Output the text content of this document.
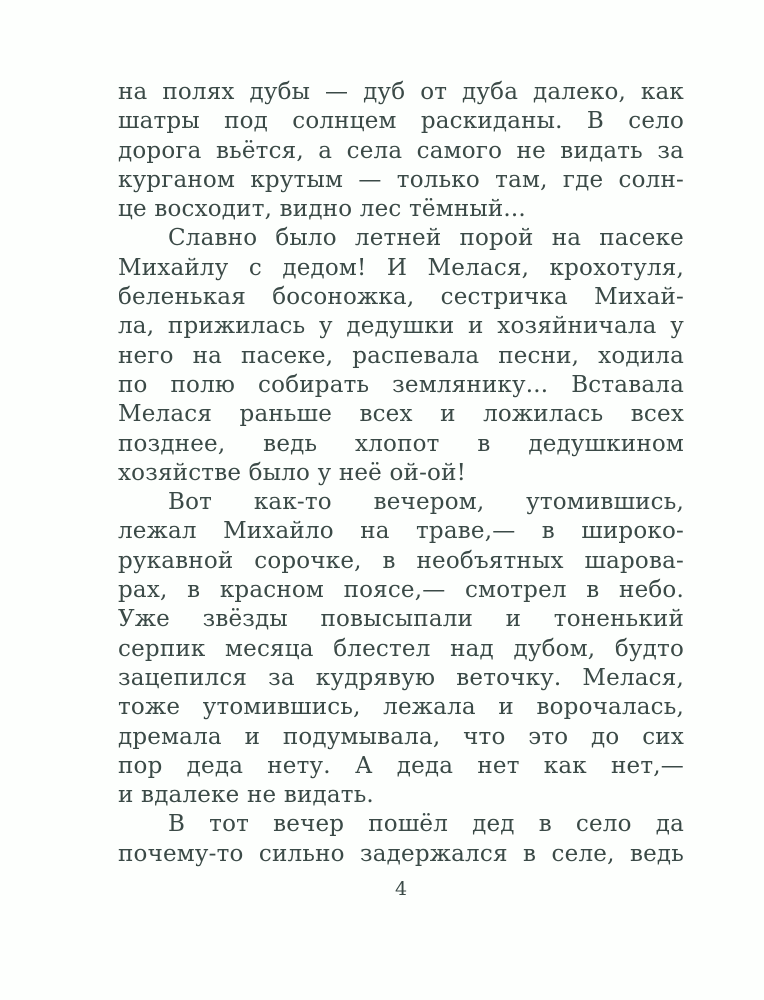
на полях дубы — дуб от дуба далеко, как
шатры под солнцем раскиданы. В село
дорога вьётся, а села самого не видать за
курганом крутым — только там, где солн-
це восходит, видно лес тёмный...
Славно было летней порой на пасеке
Михайлу с дедом! И Мелася, крохотуля,
беленькая босоножка, сестричка Михай-
ла, прижилась у дедушки и хозяйничала у
него на пасеке, распевала песни, ходила
по полю собирать землянику... Вставала
Мелася раньше всех и ложилась всех
позднее, ведь хлопот в дедушкином
хозяйстве было у неё ой-ой!
Вот как-то вечером, утомившись,
лежал Михайло на траве,— в широко-
рукавной сорочке, в необъятных шарова-
рах, в красном поясе,— смотрел в небо.
Уже звёзды повысыпали и тоненький
серпик месяца блестел над дубом, будто
зацепился за кудрявую веточку. Мелася,
тоже утомившись, лежала и ворочалась,
дремала и подумывала, что это до сих
пор деда нету. А деда нет как нет,—
и вдалеке не видать.
В тот вечер пошёл дед в село да
почему-то сильно задержался в селе, ведь
4
